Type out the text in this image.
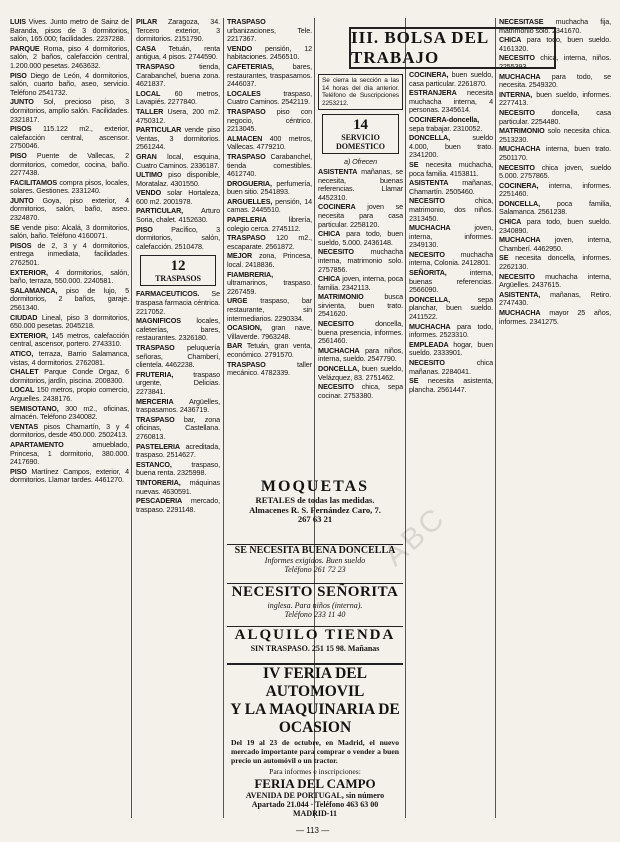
LUIS Vives. Junto metro de Sainz de Baranda, pisos de 3 dormitorios, salón, 165.000; facilidades. 2237288.

PARQUE Roma, piso 4 dormitorios, salón, 2 baños, calefacción central, 1.200.000 pesetas. 2463632.

PISO Diego de León, 4 dormitorios, salón, cuarto baño, aseo, servicio. Teléfono 2541732.

JUNTO Sol, precioso piso, 3 dormitorios, amplio salón. Facilidades. 2321817.

PISOS 115.122 m2., exterior, calefacción central, ascensor. 2750046.

PISO Puente de Vallecas, 2 dormitorios, comedor, cocina, baño. 2277438.

FACILITAMOS compra pisos, locales, solares. Gestiones. 2331240.

JUNTO Goya, piso exterior, 4 dormitorios, salón, baño, aseo. 2324870.

SE vende piso: Alcalá, 3 dormitorios, salón, baño. Teléfono 4160071.

PISOS de 2, 3 y 4 dormitorios, entrega inmediata, facilidades. 2762501.

EXTERIOR, 4 dormitorios, salón, baño, terraza, 550.000. 2240581.

SALAMANCA, piso de lujo, 5 dormitorios, 2 baños, garaje. 2561340.

CIUDAD Lineal, piso 3 dormitorios, 650.000 pesetas. 2045218.

EXTERIOR, 145 metros, calefacción central, ascensor, portero. 2743310.

ATICO, terraza, Barrio Salamanca, vistas, 4 dormitorios. 2762081.

CHALET Parque Conde Orgaz, 6 dormitorios, jardín, piscina. 2008300.

LOCAL 150 metros, propio comercio, Arguelles. 2438176.

SEMISOTANO, 300 m2., oficinas, almacén. Teléfono 2340082.

VENTAS pisos Chamartín, 3 y 4 dormitorios, desde 450.000. 2502413.

APARTAMENTO amueblado, Princesa, 1 dormitorio, 380.000. 2417690.

PISO Martínez Campos, exterior, 4 dormitorios. Llamar tardes. 4461270.

PILAR Zaragoza, 34. Tercero exterior, 3 dormitorios. 2151790.

CASA Tetuán, renta antigua, 4 pisos. 2744590.

TRASPASO tienda, Carabanchel, buena zona. 4621837.

LOCAL 60 metros, Lavapiés. 2277840.

TALLER Usera, 200 m2. 4750312.

PARTICULAR vende piso Ventas, 3 dormitorios. 2561244.

GRAN local, esquina, Cuatro Caminos. 2336187.

ULTIMO piso disponible, Moratalaz. 4301550.

VENDO solar Hortaleza, 600 m2. 2001978.

PARTICULAR, Arturo Soria, chalet. 4152630.

PISO Pacífico, 3 dormitorios, salón, calefacción. 2510478.

12
TRASPASOS

FARMACEUTICOS. Se traspasa farmacia céntrica. 2217052.

MAGNIFICOS locales, cafeterías, bares, restaurantes. 2326180.

TRASPASO peluquería señoras, Chamberí, clientela. 4462238.

FRUTERIA, traspaso urgente, Delicias. 2273841.

MERCERIA Argüelles, traspasamos. 2436719.

TRASPASO bar, zona oficinas, Castellana. 2760813.

PASTELERIA acreditada, traspaso. 2514627.

ESTANCO, traspaso, buena renta. 2325998.

TINTORERIA, máquinas nuevas. 4630591.

PESCADERIA mercado, traspaso. 2291148.

TRASPASO urbanizaciones, Tele. 2217367.

VENDO pensión, 12 habitaciones. 2456510.

CAFETERIAS, bares, restaurantes, traspasamos. 2446037.

LOCALES traspaso, Cuatro Caminos. 2542119.

TRASPASO piso con negocio, céntrico. 2213045.

ALMACEN 400 metros, Vallecas. 4779210.

TRASPASO Carabanchel, tienda comestibles. 4612740.

DROGUERIA, perfumería, buen sitio. 2541893.

ARGUELLES, pensión, 14 camas. 2445510.

PAPELERIA librería, colegio cerca. 2745112.

TRASPASO 120 m2., escaparate. 2561872.

MEJOR zona, Princesa, local. 2418836.

FIAMBRERIA, ultramarinos, traspaso. 2267459.

URGE traspaso, bar restaurante, sin intermediarios. 2290334.

OCASION, gran nave, Villaverde. 7963248.

BAR Tetuán, gran venta, económico. 2791570.

TRASPASO taller mecánico. 4782339.

III. BOLSA DEL TRABAJO
Se cierra la sección a las 14 horas del día anterior. Teléfono de Suscripciones 2253212.
14
SERVICIO DOMESTICO

a) Ofrecen

ASISTENTA mañanas, se necesita, buenas referencias. Llamar 4452310.

COCINERA joven se necesita para casa particular. 2258120.

CHICA para todo, buen sueldo, 5.000. 2436148.

NECESITO muchacha interna, matrimonio solo. 2757856.

CHICA joven, interna, poca familia. 2342113.

MATRIMONIO busca sirvienta, buen trato. 2541620.

NECESITO doncella, buena presencia, informes. 2561460.

MUCHACHA para niños, interna, sueldo. 2547790.

DONCELLA, buen sueldo, Velázquez, 83. 2751462.

NECESITO chica, sepa cocinar. 2753380.

COCINERA, buen sueldo, casa particular. 2261870.

ESTRANJERA necesita muchacha interna, 4 personas. 2345614.

COCINERA-doncella, sepa trabajar. 2310052.

DONCELLA, sueldo 4.000, buen trato. 2341200.

SE necesita muchacha, poca familia. 4153811.

ASISTENTA mañanas, Chamartín. 2505460.

NECESITO chica, matrimonio, dos niños. 2313450.

MUCHACHA joven, interna, informes. 2349130.

NECESITO muchacha interna, Colonia. 2412801.

SEÑORITA, interna, buenas referencias. 2566090.

DONCELLA, sepa planchar, buen sueldo. 2411522.

MUCHACHA para todo, informes. 2523310.

EMPLEADA hogar, buen sueldo. 2333901.

NECESITO chica mañanas. 2284041.

SE necesita asistenta, plancha. 2561447.

NECESITASE muchacha fija, matrimonio solo. 2341670.

CHICA para todo, buen sueldo. 4161320.

NECESITO chica, interna, niños. 2255393.

MUCHACHA para todo, se necesita. 2549320.

INTERNA, buen sueldo, informes. 2277413.

NECESITO doncella, casa particular. 2254480.

MATRIMONIO solo necesita chica. 2513230.

MUCHACHA interna, buen trato. 2501170.

NECESITO chica joven, sueldo 5.000. 2757865.

COCINERA, interna, informes. 2251460.

DONCELLA, poca familia, Salamanca. 2561238.

CHICA para todo, buen sueldo. 2340890.

MUCHACHA joven, interna, Chamberí. 4462950.

SE necesita doncella, informes. 2262130.

NECESITO muchacha interna, Argüelles. 2437615.

ASISTENTA, mañanas, Retiro. 2747430.

MUCHACHA mayor 25 años, informes. 2341275.

MOQUETAS
RETALES de todas las medidas.
Almacenes R. S. Fernández Caro, 7.
267 63 21
SE NECESITA BUENA DONCELLA
Informes exigidos. Buen sueldo
Teléfono 261 72 23
NECESITO SEÑORITA
inglesa. Para niños (interna).
Teléfono 233 11 40
ALQUILO TIENDA
SIN TRASPASO. 251 15 98. Mañanas
IV FERIA DEL AUTOMOVIL
Y LA MAQUINARIA DE
OCASION
Del 19 al 23 de octubre, en Madrid, el nuevo mercado importante para comprar o vender a buen precio un automóvil o un tractor.
Para informes e inscripciones:
FERIA DEL CAMPO
AVENIDA DE PORTUGAL, sin número
Apartado 21.044 · Teléfono 463 63 00
MADRID-11
ABC
— 113 —
